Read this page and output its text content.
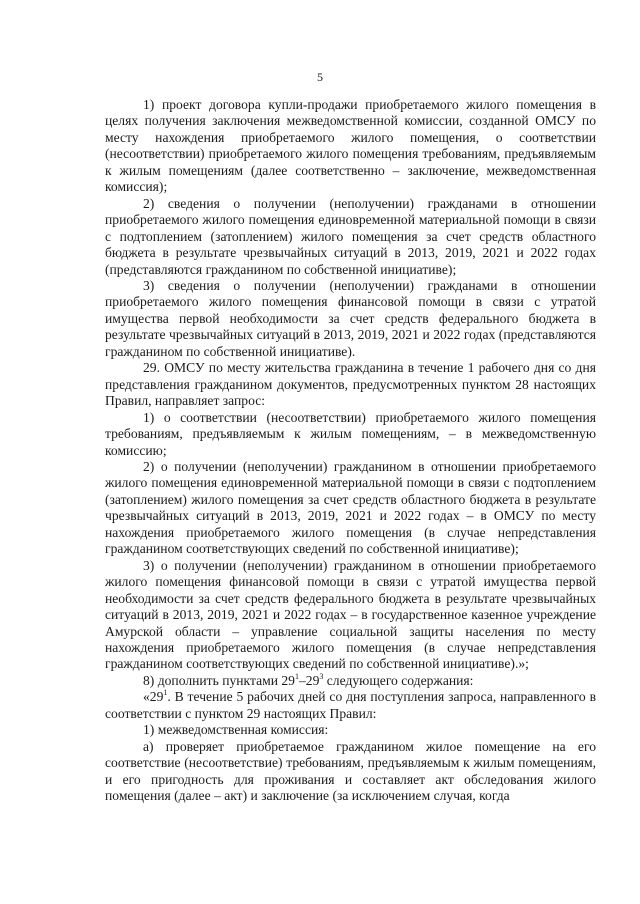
5

1) проект договора купли-продажи приобретаемого жилого помещения в целях получения заключения межведомственной комиссии, созданной ОМСУ по месту нахождения приобретаемого жилого помещения, о соответствии (несоответствии) приобретаемого жилого помещения требованиям, предъявляемым к жилым помещениям (далее соответственно – заключение, межведомственная комиссия);

2) сведения о получении (неполучении) гражданами в отношении приобретаемого жилого помещения единовременной материальной помощи в связи с подтоплением (затоплением) жилого помещения за счет средств областного бюджета в результате чрезвычайных ситуаций в 2013, 2019, 2021 и 2022 годах (представляются гражданином по собственной инициативе);

3) сведения о получении (неполучении) гражданами в отношении приобретаемого жилого помещения финансовой помощи в связи с утратой имущества первой необходимости за счет средств федерального бюджета в результате чрезвычайных ситуаций в 2013, 2019, 2021 и 2022 годах (представляются гражданином по собственной инициативе).

29. ОМСУ по месту жительства гражданина в течение 1 рабочего дня со дня представления гражданином документов, предусмотренных пунктом 28 настоящих Правил, направляет запрос:

1) о соответствии (несоответствии) приобретаемого жилого помещения требованиям, предъявляемым к жилым помещениям, – в межведомственную комиссию;

2) о получении (неполучении) гражданином в отношении приобретаемого жилого помещения единовременной материальной помощи в связи с подтоплением (затоплением) жилого помещения за счет средств областного бюджета в результате чрезвычайных ситуаций в 2013, 2019, 2021 и 2022 годах – в ОМСУ по месту нахождения приобретаемого жилого помещения (в случае непредставления гражданином соответствующих сведений по собственной инициативе);

3) о получении (неполучении) гражданином в отношении приобретаемого жилого помещения финансовой помощи в связи с утратой имущества первой необходимости за счет средств федерального бюджета в результате чрезвычайных ситуаций в 2013, 2019, 2021 и 2022 годах – в государственное казенное учреждение Амурской области – управление социальной защиты населения по месту нахождения приобретаемого жилого помещения (в случае непредставления гражданином соответствующих сведений по собственной инициативе).»;

8) дополнить пунктами $29^1-29^3$ следующего содержания:

«$29^1$. В течение 5 рабочих дней со дня поступления запроса, направленного в соответствии с пунктом 29 настоящих Правил:

1) межведомственная комиссия:

а) проверяет приобретаемое гражданином жилое помещение на его соответствие (несоответствие) требованиям, предъявляемым к жилым помещениям, и его пригодность для проживания и составляет акт обследования жилого помещения (далее – акт) и заключение (за исключением случая, когда
